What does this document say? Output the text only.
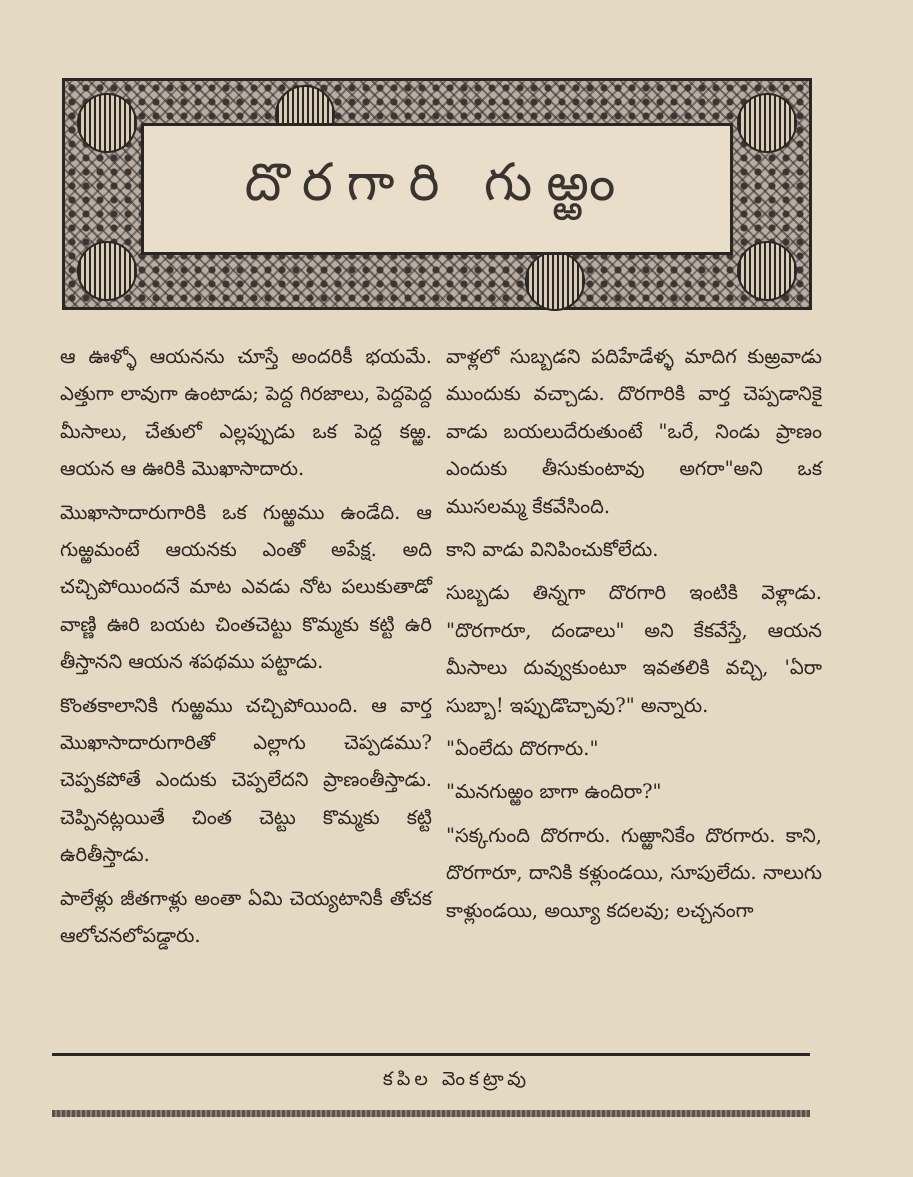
దొరగారి గుఱ్ఱం

ఆ ఊళ్ళో ఆయనను చూస్తే అందరికీ భయమే. ఎత్తుగా లావుగా ఉంటాడు; పెద్ద గిరజాలు, పెద్దపెద్ద మీసాలు, చేతులో ఎల్లప్పుడు ఒక పెద్ద కఱ్ఱ. ఆయన ఆ ఊరికి మొఖాసాదారు.

మొఖాసాదారుగారికి ఒక గుఱ్ఱము ఉండేది. ఆ గుఱ్ఱమంటే ఆయనకు ఎంతో అపేక్ష. అది చచ్చిపోయిందనే మాట ఎవడు నోట పలుకుతాడో వాణ్ణి ఊరి బయట చింతచెట్టు కొమ్మకు కట్టి ఉరి తీస్తానని ఆయన శపథము పట్టాడు.

కొంతకాలానికి గుఱ్ఱము చచ్చిపోయింది. ఆ వార్త మొఖాసాదారుగారితో ఎల్లాగు చెప్పడము? చెప్పకపోతే ఎందుకు చెప్పలేదని ప్రాణంతీస్తాడు. చెప్పినట్లయితే చింత చెట్టు కొమ్మకు కట్టి ఉరితీస్తాడు.

పాలేళ్లు జీతగాళ్లు అంతా ఏమి చెయ్యటానికీ తోచక ఆలోచనలోపడ్డారు.

వాళ్లలో సుబ్బడని పదిహేడేళ్ళ మాదిగ కుఱ్రవాడు ముందుకు వచ్చాడు. దొరగారికి వార్త చెప్పడానికై వాడు బయలుదేరుతుంటే "ఒరే, నిండు ప్రాణం ఎందుకు తీసుకుంటావు అగరా"అని ఒక ముసలమ్మ కేకవేసింది.

కాని వాడు వినిపించుకోలేదు.

సుబ్బడు తిన్నగా దొరగారి ఇంటికి వెళ్లాడు. "దొరగారూ, దండాలు" అని కేకవేస్తే, ఆయన మీసాలు దువ్వుకుంటూ ఇవతలికి వచ్చి, 'ఏరా సుబ్బా! ఇప్పుడొచ్చావు?" అన్నారు.

"ఏంలేదు దొరగారు."

"మనగుఱ్ఱం బాగా ఉందిరా?"

"సక్కగుంది దొరగారు. గుఱ్ఱానికేం దొరగారు. కాని, దొరగారూ, దానికి కళ్లుండయి, సూపులేదు. నాలుగు కాళ్లుండయి, అయ్యీ కదలవు; లచ్చనంగా

కపిల వెంకట్రావు
